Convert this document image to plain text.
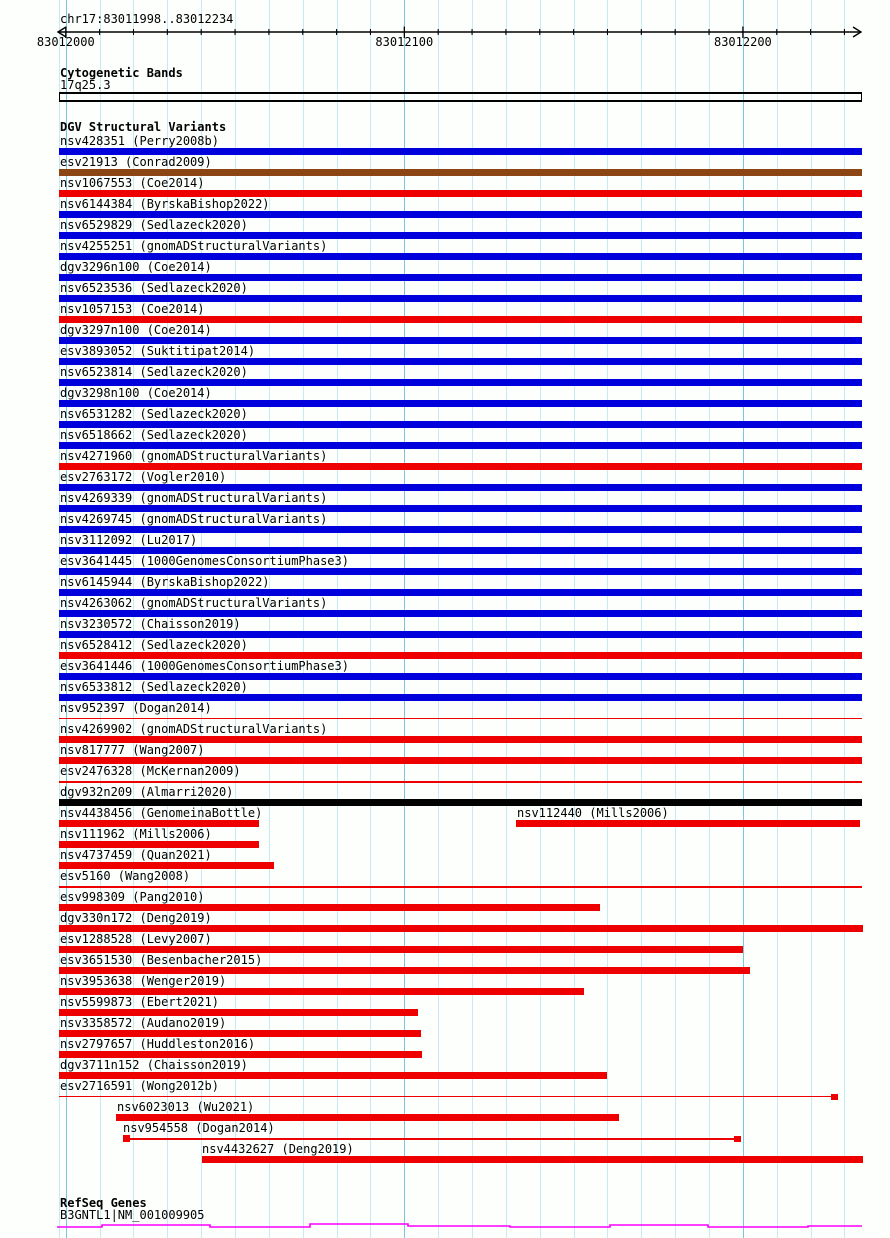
chr17:83011998..83012234
83012000	83012100	83012200
Cytogenetic Bands
17q25.3
DGV Structural Variants
nsv428351 (Perry2008b)
esv21913 (Conrad2009)
nsv1067553 (Coe2014)
nsv6144384 (ByrskaBishop2022)
nsv6529829 (Sedlazeck2020)
nsv4255251 (gnomADStructuralVariants)
dgv3296n100 (Coe2014)
nsv6523536 (Sedlazeck2020)
nsv1057153 (Coe2014)
dgv3297n100 (Coe2014)
esv3893052 (Suktitipat2014)
nsv6523814 (Sedlazeck2020)
dgv3298n100 (Coe2014)
nsv6531282 (Sedlazeck2020)
nsv6518662 (Sedlazeck2020)
nsv4271960 (gnomADStructuralVariants)
esv2763172 (Vogler2010)
nsv4269339 (gnomADStructuralVariants)
nsv4269745 (gnomADStructuralVariants)
nsv3112092 (Lu2017)
esv3641445 (1000GenomesConsortiumPhase3)
nsv6145944 (ByrskaBishop2022)
nsv4263062 (gnomADStructuralVariants)
nsv3230572 (Chaisson2019)
nsv6528412 (Sedlazeck2020)
esv3641446 (1000GenomesConsortiumPhase3)
nsv6533812 (Sedlazeck2020)
nsv952397 (Dogan2014)
nsv4269902 (gnomADStructuralVariants)
nsv817777 (Wang2007)
esv2476328 (McKernan2009)
dgv932n209 (Almarri2020)
nsv4438456 (GenomeinaBottle)	nsv112440 (Mills2006)
nsv111962 (Mills2006)
nsv4737459 (Quan2021)
esv5160 (Wang2008)
esv998309 (Pang2010)
dgv330n172 (Deng2019)
esv1288528 (Levy2007)
esv3651530 (Besenbacher2015)
nsv3953638 (Wenger2019)
nsv5599873 (Ebert2021)
nsv3358572 (Audano2019)
nsv2797657 (Huddleston2016)
dgv3711n152 (Chaisson2019)
esv2716591 (Wong2012b)
nsv6023013 (Wu2021)
nsv954558 (Dogan2014)
nsv4432627 (Deng2019)
RefSeq Genes
B3GNTL1|NM_001009905
